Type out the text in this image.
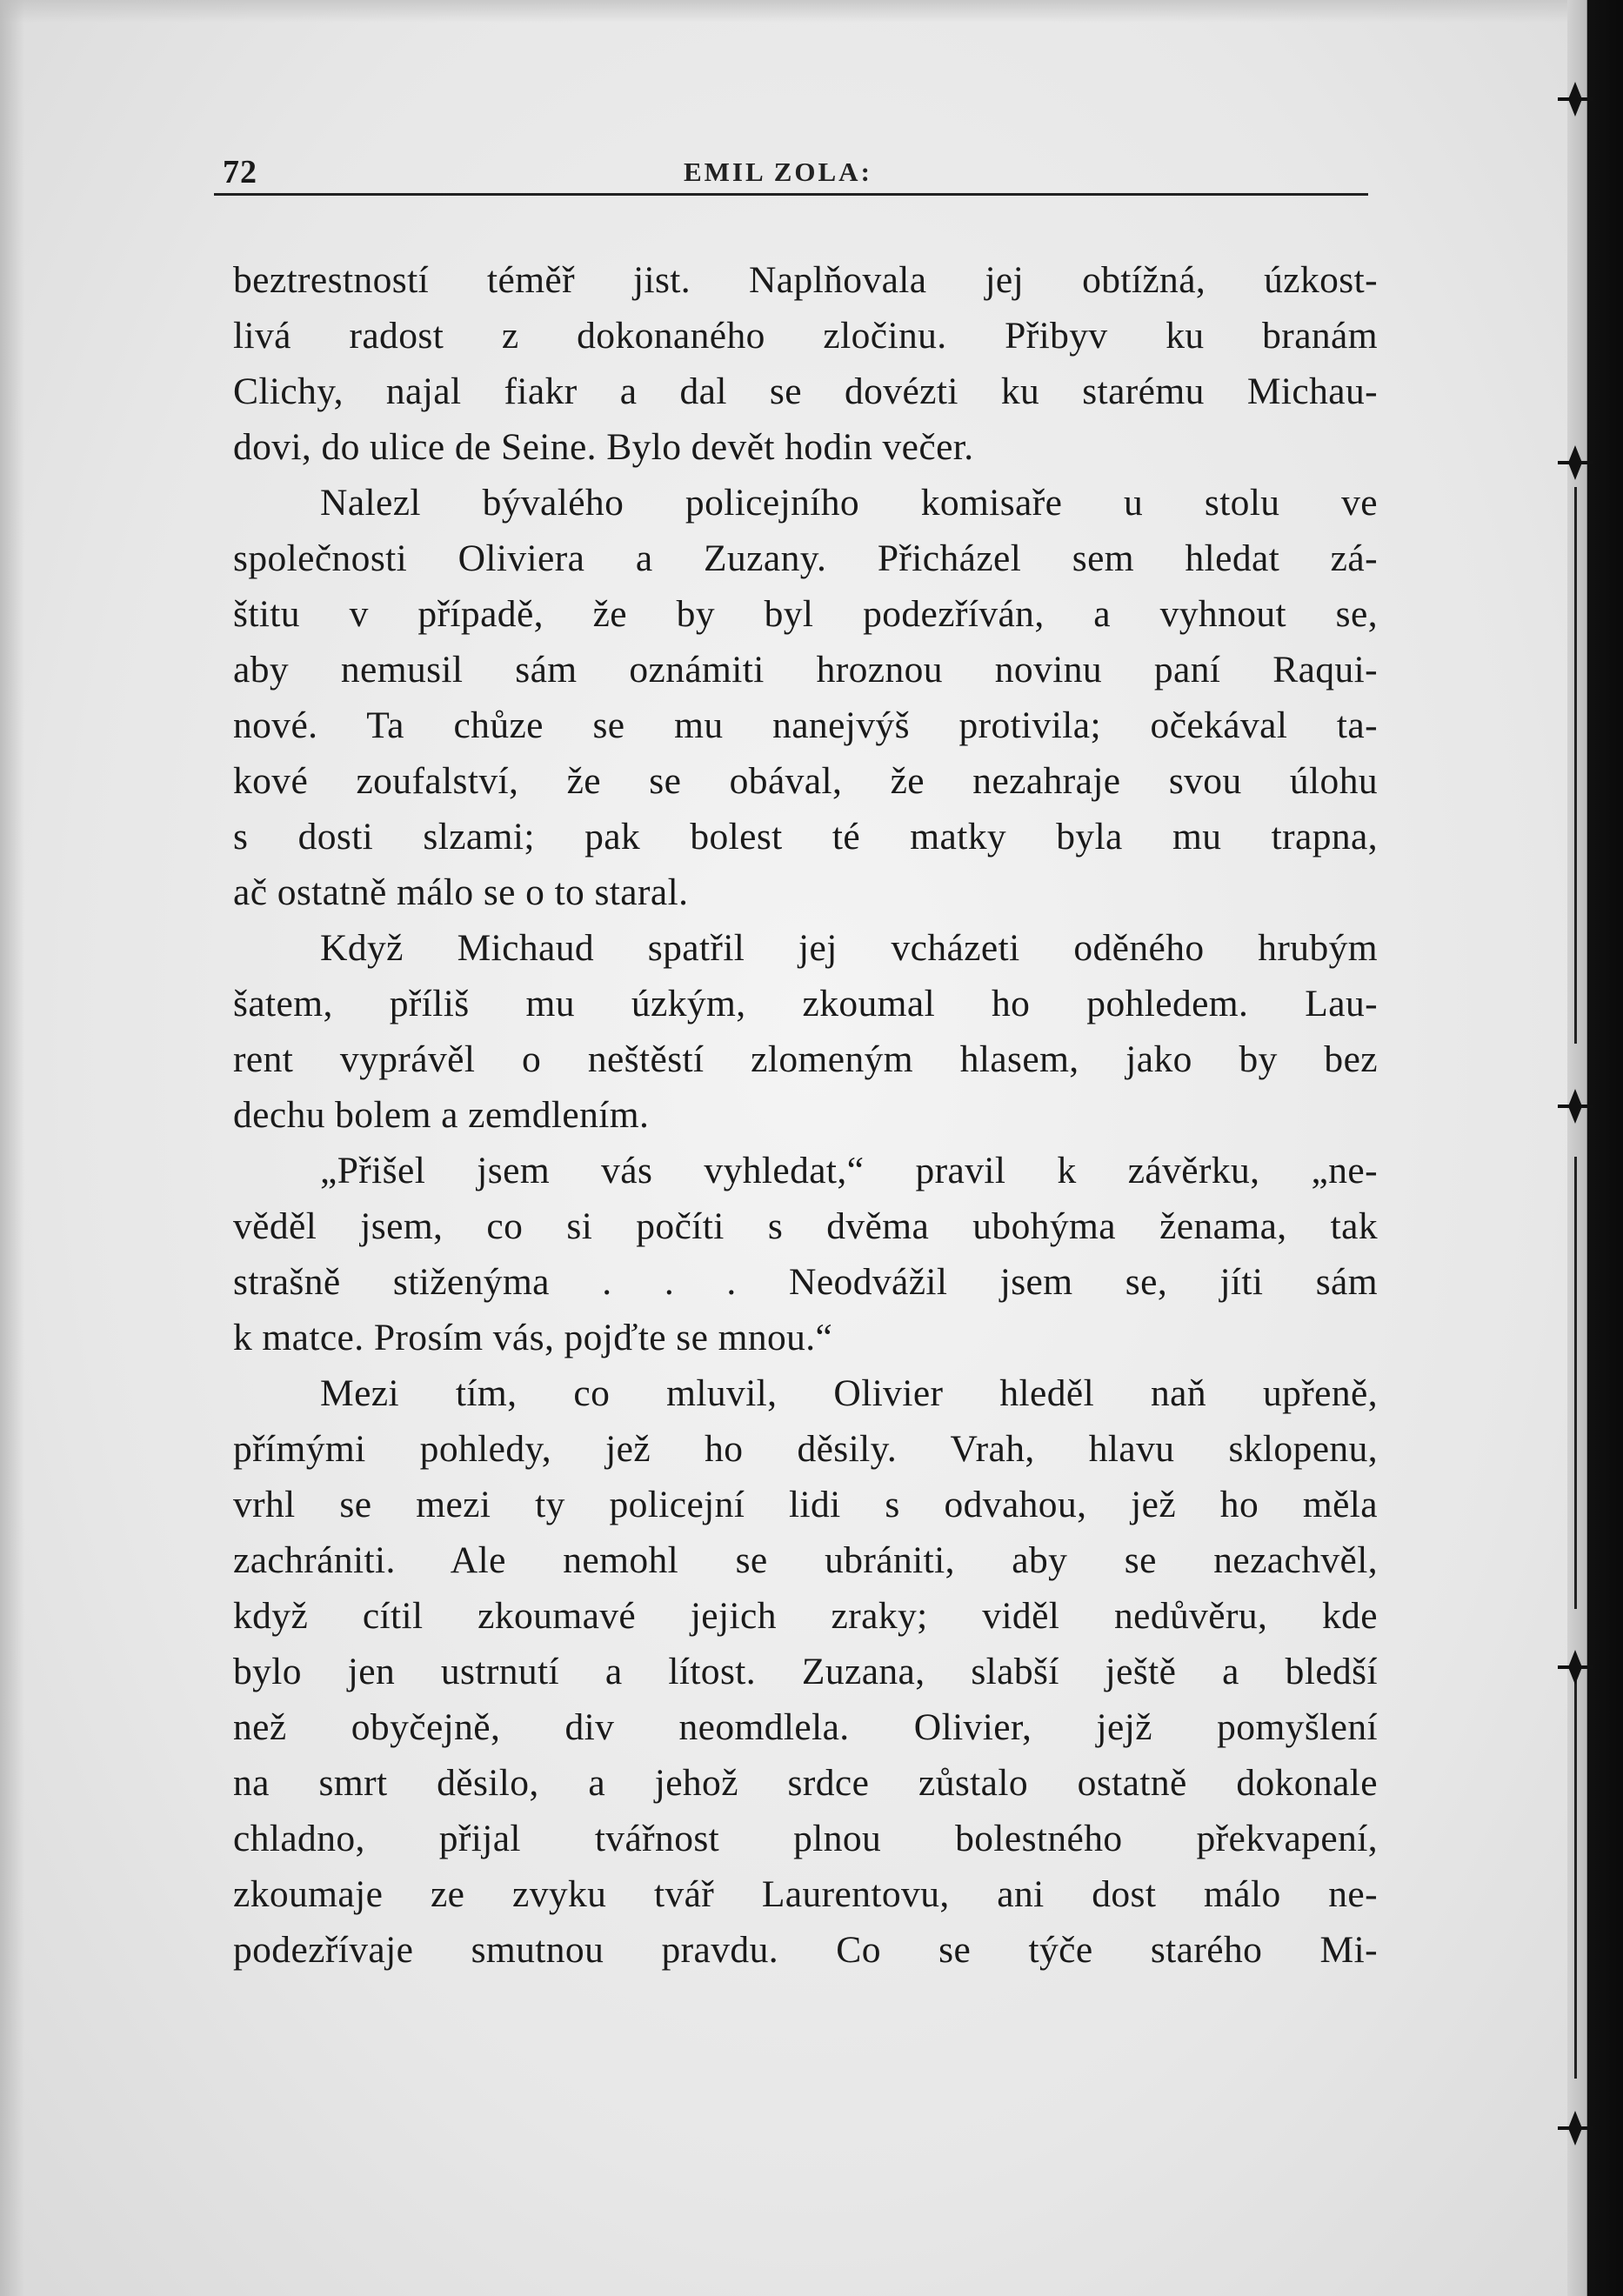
72	EMIL ZOLA:
beztrestností téměř jist. Naplňovala jej obtížná, úzkost-
livá radost z dokonaného zločinu. Přibyv ku branám
Clichy, najal fiakr a dal se dovézti ku starému Michau-
dovi, do ulice de Seine. Bylo devět hodin večer.
Nalezl bývalého policejního komisaře u stolu ve
společnosti Oliviera a Zuzany. Přicházel sem hledat zá-
štitu v případě, že by byl podezříván, a vyhnout se,
aby nemusil sám oznámiti hroznou novinu paní Raqui-
nové. Ta chůze se mu nanejvýš protivila; očekával ta-
kové zoufalství, že se obával, že nezahraje svou úlohu
s dosti slzami; pak bolest té matky byla mu trapna,
ač ostatně málo se o to staral.
Když Michaud spatřil jej vcházeti oděného hrubým
šatem, příliš mu úzkým, zkoumal ho pohledem. Lau-
rent vyprávěl o neštěstí zlomeným hlasem, jako by bez
dechu bolem a zemdlením.
„Přišel jsem vás vyhledat,“ pravil k závěrku, „ne-
věděl jsem, co si počíti s dvěma ubohýma ženama, tak
strašně stiženýma . . . Neodvážil jsem se, jíti sám
k matce. Prosím vás, pojďte se mnou.“
Mezi tím, co mluvil, Olivier hleděl naň upřeně,
přímými pohledy, jež ho děsily. Vrah, hlavu sklopenu,
vrhl se mezi ty policejní lidi s odvahou, jež ho měla
zachrániti. Ale nemohl se ubrániti, aby se nezachvěl,
když cítil zkoumavé jejich zraky; viděl nedůvěru, kde
bylo jen ustrnutí a lítost. Zuzana, slabší ještě a bledší
než obyčejně, div neomdlela. Olivier, jejž pomyšlení
na smrt děsilo, a jehož srdce zůstalo ostatně dokonale
chladno, přijal tvářnost plnou bolestného překvapení,
zkoumaje ze zvyku tvář Laurentovu, ani dost málo ne-
podezřívaje smutnou pravdu. Co se týče starého Mi-
